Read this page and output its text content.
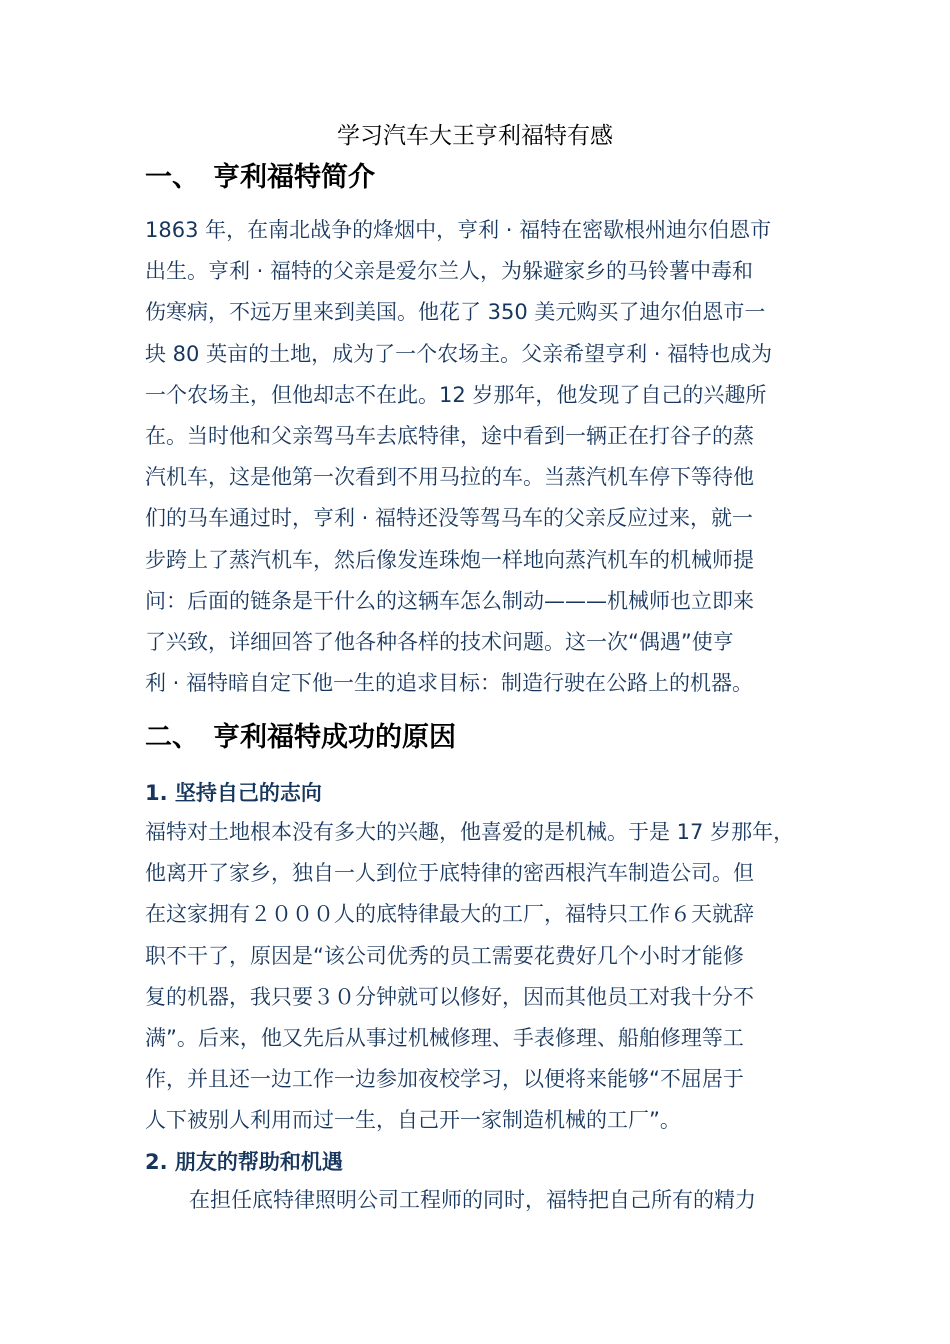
学习汽车大王亨利福特有感
一、 亨利福特简介
1863 年，在南北战争的烽烟中，亨利 · 福特在密歇根州迪尔伯恩市
出生。亨利 · 福特的父亲是爱尔兰人，为躲避家乡的马铃薯中毒和
伤寒病，不远万里来到美国。他花了 350 美元购买了迪尔伯恩市一
块 80 英亩的土地，成为了一个农场主。父亲希望亨利 · 福特也成为
一个农场主，但他却志不在此。12 岁那年，他发现了自己的兴趣所
在。当时他和父亲驾马车去底特律，途中看到一辆正在打谷子的蒸
汽机车，这是他第一次看到不用马拉的车。当蒸汽机车停下等待他
们的马车通过时，亨利 · 福特还没等驾马车的父亲反应过来，就一
步跨上了蒸汽机车，然后像发连珠炮一样地向蒸汽机车的机械师提
问：后面的链条是干什么的这辆车怎么制动———机械师也立即来
了兴致，详细回答了他各种各样的技术问题。这一次“偶遇”使亨
利 · 福特暗自定下他一生的追求目标：制造行驶在公路上的机器。
二、 亨利福特成功的原因
1. 坚持自己的志向
福特对土地根本没有多大的兴趣，他喜爱的是机械。于是 17 岁那年，
他离开了家乡，独自一人到位于底特律的密西根汽车制造公司。但
在这家拥有２０００人的底特律最大的工厂，福特只工作６天就辞
职不干了，原因是“该公司优秀的员工需要花费好几个小时才能修
复的机器，我只要３０分钟就可以修好，因而其他员工对我十分不
满”。后来，他又先后从事过机械修理、手表修理、船舶修理等工
作，并且还一边工作一边参加夜校学习，以便将来能够“不屈居于
人下被别人利用而过一生，自己开一家制造机械的工厂”。
2. 朋友的帮助和机遇
在担任底特律照明公司工程师的同时，福特把自己所有的精力
